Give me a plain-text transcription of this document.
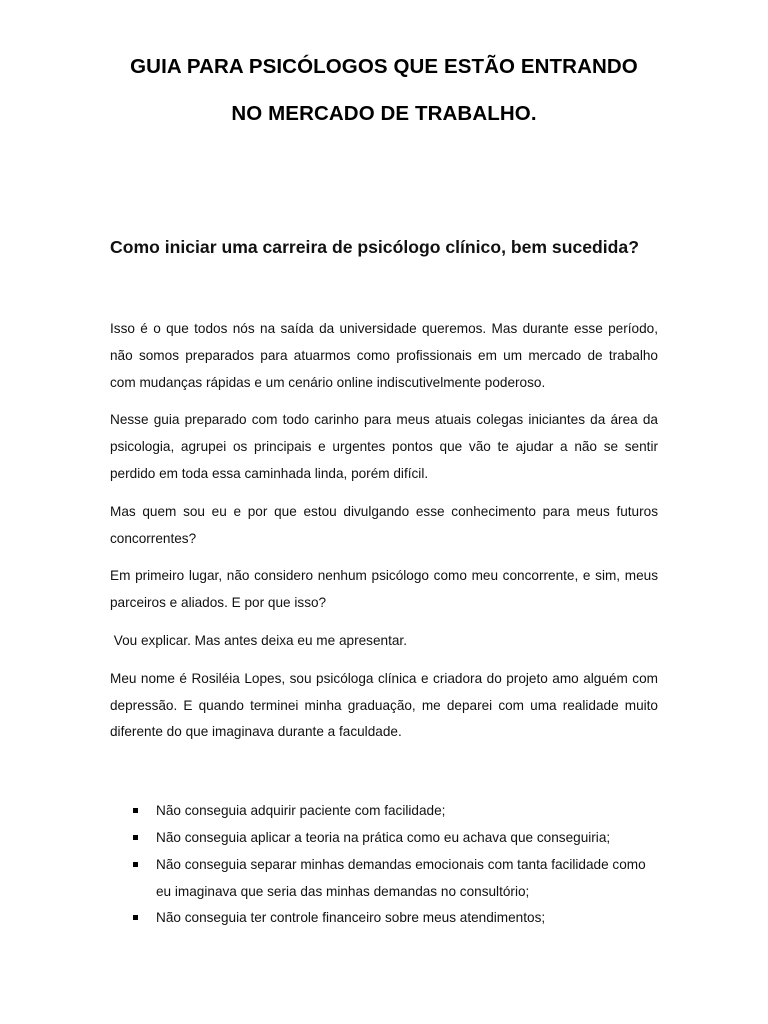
GUIA PARA PSICÓLOGOS QUE ESTÃO ENTRANDO
NO MERCADO DE TRABALHO.
Como iniciar uma carreira de psicólogo clínico, bem sucedida?

Isso é o que todos nós na saída da universidade queremos. Mas durante esse período, não somos preparados para atuarmos como profissionais em um mercado de trabalho com mudanças rápidas e um cenário online indiscutivelmente poderoso.

Nesse guia preparado com todo carinho para meus atuais colegas iniciantes da área da psicologia, agrupei os principais e urgentes pontos que vão te ajudar a não se sentir perdido em toda essa caminhada linda, porém difícil.

Mas quem sou eu e por que estou divulgando esse conhecimento para meus futuros concorrentes?

Em primeiro lugar, não considero nenhum psicólogo como meu concorrente, e sim, meus parceiros e aliados. E por que isso?

Vou explicar. Mas antes deixa eu me apresentar.

Meu nome é Rosiléia Lopes, sou psicóloga clínica e criadora do projeto amo alguém com depressão. E quando terminei minha graduação, me deparei com uma realidade muito diferente do que imaginava durante a faculdade.

Não conseguia adquirir paciente com facilidade;
Não conseguia aplicar a teoria na prática como eu achava que conseguiria;
Não conseguia separar minhas demandas emocionais com tanta facilidade como eu imaginava que seria das minhas demandas no consultório;
Não conseguia ter controle financeiro sobre meus atendimentos;
